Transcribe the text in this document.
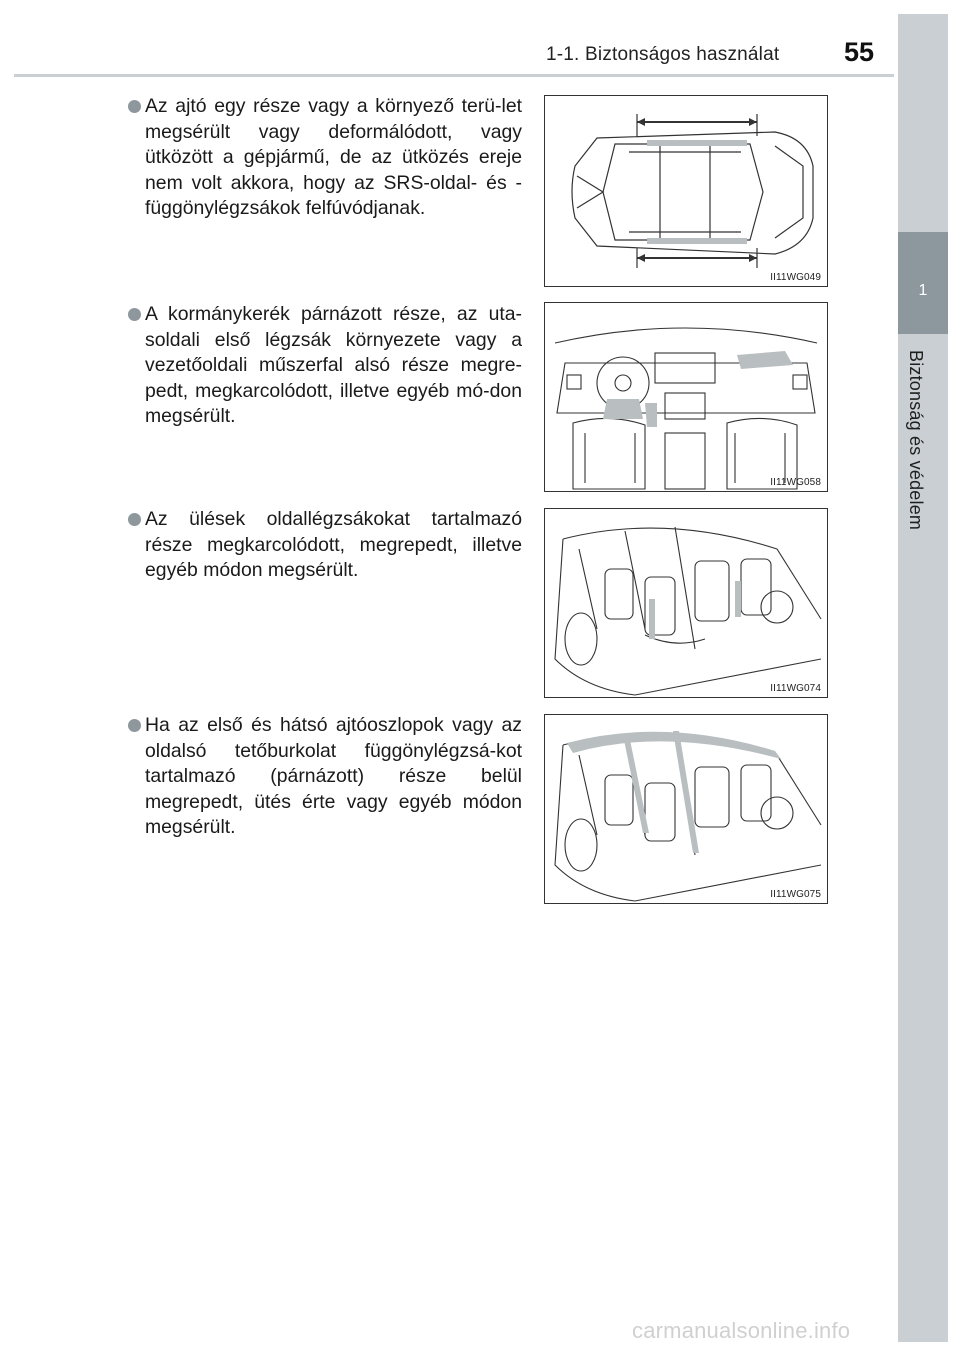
1-1. Biztonságos használat 55
1
Biztonság és védelem
Az ajtó egy része vagy a környező terü-let megsérült vagy deformálódott, vagy ütközött a gépjármű, de az ütközés ereje nem volt akkora, hogy az SRS-oldal- és -függönylégzsákok felfúvódjanak.
II11WG049
A kormánykerék párnázott része, az uta-soldali első légzsák környezete vagy a vezetőoldali műszerfal alsó része megre-pedt, megkarcolódott, illetve egyéb mó-don megsérült.
II11WG058
Az ülések oldallégzsákokat tartalmazó része megkarcolódott, megrepedt, illetve egyéb módon megsérült.
II11WG074
Ha az első és hátsó ajtóoszlopok vagy az oldalsó tetőburkolat függönylégzsá-kot tartalmazó (párnázott) része belül megrepedt, ütés érte vagy egyéb módon megsérült.
II11WG075
carmanualsonline.info
